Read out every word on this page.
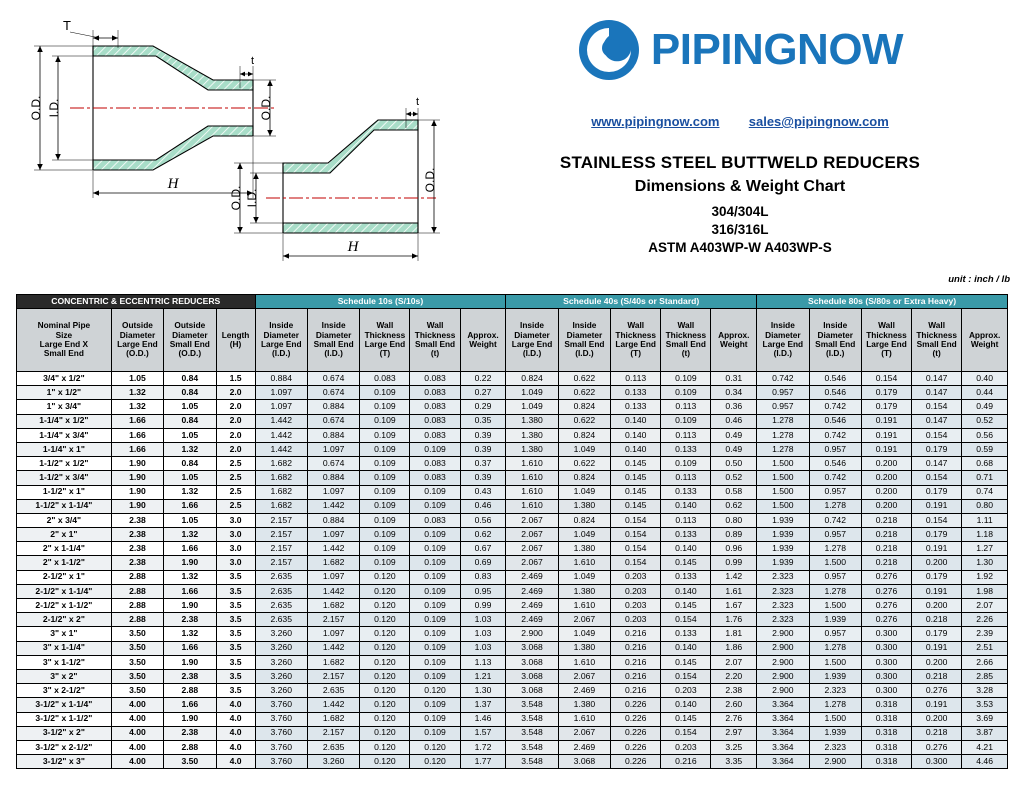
O.D. I.D.
T
t
O.D.
H
O.D. I.D.
t
O.D.
H
PIPINGNOW
www.pipingnow.com sales@pipingnow.com
STAINLESS STEEL BUTTWELD REDUCERS
Dimensions & Weight Chart
304/304L
316/316L
ASTM A403WP-W A403WP-S
unit : inch / lb
CONCENTRIC & ECCENTRIC REDUCERS				Schedule 10s (S/10s)					Schedule 40s (S/40s or Standard)					Schedule 80s (S/80s or Extra Heavy)				

Nominal Pipe
Size
Large End X
Small End	Outside
Diameter
Large End
(O.D.)	Outside
Diameter
Small End
(O.D.)	Length
(H)	Inside
Diameter
Large End
(I.D.)	Inside
Diameter
Small End
(I.D.)	Wall
Thickness
Large End
(T)	Wall
Thickness
Small End
(t)	Approx.
Weight	Inside
Diameter
Large End
(I.D.)	Inside
Diameter
Small End
(I.D.)	Wall
Thickness
Large End
(T)	Wall
Thickness
Small End
(t)	Approx.
Weight	Inside
Diameter
Large End
(I.D.)	Inside
Diameter
Small End
(I.D.)	Wall
Thickness
Large End
(T)	Wall
Thickness
Small End
(t)	Approx.
Weight

3/4" x 1/2"	1.05	0.84	1.5	0.884	0.674	0.083	0.083	0.22	0.824	0.622	0.113	0.109	0.31	0.742	0.546	0.154	0.147	0.40
1" x 1/2"	1.32	0.84	2.0	1.097	0.674	0.109	0.083	0.27	1.049	0.622	0.133	0.109	0.34	0.957	0.546	0.179	0.147	0.44
1" x 3/4"	1.32	1.05	2.0	1.097	0.884	0.109	0.083	0.29	1.049	0.824	0.133	0.113	0.36	0.957	0.742	0.179	0.154	0.49
1-1/4" x 1/2"	1.66	0.84	2.0	1.442	0.674	0.109	0.083	0.35	1.380	0.622	0.140	0.109	0.46	1.278	0.546	0.191	0.147	0.52
1-1/4" x 3/4"	1.66	1.05	2.0	1.442	0.884	0.109	0.083	0.39	1.380	0.824	0.140	0.113	0.49	1.278	0.742	0.191	0.154	0.56
1-1/4" x 1"	1.66	1.32	2.0	1.442	1.097	0.109	0.109	0.39	1.380	1.049	0.140	0.133	0.49	1.278	0.957	0.191	0.179	0.59
1-1/2" x 1/2"	1.90	0.84	2.5	1.682	0.674	0.109	0.083	0.37	1.610	0.622	0.145	0.109	0.50	1.500	0.546	0.200	0.147	0.68
1-1/2" x 3/4"	1.90	1.05	2.5	1.682	0.884	0.109	0.083	0.39	1.610	0.824	0.145	0.113	0.52	1.500	0.742	0.200	0.154	0.71
1-1/2" x 1"	1.90	1.32	2.5	1.682	1.097	0.109	0.109	0.43	1.610	1.049	0.145	0.133	0.58	1.500	0.957	0.200	0.179	0.74
1-1/2" x 1-1/4"	1.90	1.66	2.5	1.682	1.442	0.109	0.109	0.46	1.610	1.380	0.145	0.140	0.62	1.500	1.278	0.200	0.191	0.80
2" x 3/4"	2.38	1.05	3.0	2.157	0.884	0.109	0.083	0.56	2.067	0.824	0.154	0.113	0.80	1.939	0.742	0.218	0.154	1.11
2" x 1"	2.38	1.32	3.0	2.157	1.097	0.109	0.109	0.62	2.067	1.049	0.154	0.133	0.89	1.939	0.957	0.218	0.179	1.18
2" x 1-1/4"	2.38	1.66	3.0	2.157	1.442	0.109	0.109	0.67	2.067	1.380	0.154	0.140	0.96	1.939	1.278	0.218	0.191	1.27
2" x 1-1/2"	2.38	1.90	3.0	2.157	1.682	0.109	0.109	0.69	2.067	1.610	0.154	0.145	0.99	1.939	1.500	0.218	0.200	1.30
2-1/2" x 1"	2.88	1.32	3.5	2.635	1.097	0.120	0.109	0.83	2.469	1.049	0.203	0.133	1.42	2.323	0.957	0.276	0.179	1.92
2-1/2" x 1-1/4"	2.88	1.66	3.5	2.635	1.442	0.120	0.109	0.95	2.469	1.380	0.203	0.140	1.61	2.323	1.278	0.276	0.191	1.98
2-1/2" x 1-1/2"	2.88	1.90	3.5	2.635	1.682	0.120	0.109	0.99	2.469	1.610	0.203	0.145	1.67	2.323	1.500	0.276	0.200	2.07
2-1/2" x 2"	2.88	2.38	3.5	2.635	2.157	0.120	0.109	1.03	2.469	2.067	0.203	0.154	1.76	2.323	1.939	0.276	0.218	2.26
3" x 1"	3.50	1.32	3.5	3.260	1.097	0.120	0.109	1.03	2.900	1.049	0.216	0.133	1.81	2.900	0.957	0.300	0.179	2.39
3" x 1-1/4"	3.50	1.66	3.5	3.260	1.442	0.120	0.109	1.03	3.068	1.380	0.216	0.140	1.86	2.900	1.278	0.300	0.191	2.51
3" x 1-1/2"	3.50	1.90	3.5	3.260	1.682	0.120	0.109	1.13	3.068	1.610	0.216	0.145	2.07	2.900	1.500	0.300	0.200	2.66
3" x 2"	3.50	2.38	3.5	3.260	2.157	0.120	0.109	1.21	3.068	2.067	0.216	0.154	2.20	2.900	1.939	0.300	0.218	2.85
3" x 2-1/2"	3.50	2.88	3.5	3.260	2.635	0.120	0.120	1.30	3.068	2.469	0.216	0.203	2.38	2.900	2.323	0.300	0.276	3.28
3-1/2" x 1-1/4"	4.00	1.66	4.0	3.760	1.442	0.120	0.109	1.37	3.548	1.380	0.226	0.140	2.60	3.364	1.278	0.318	0.191	3.53
3-1/2" x 1-1/2"	4.00	1.90	4.0	3.760	1.682	0.120	0.109	1.46	3.548	1.610	0.226	0.145	2.76	3.364	1.500	0.318	0.200	3.69
3-1/2" x 2"	4.00	2.38	4.0	3.760	2.157	0.120	0.109	1.57	3.548	2.067	0.226	0.154	2.97	3.364	1.939	0.318	0.218	3.87
3-1/2" x 2-1/2"	4.00	2.88	4.0	3.760	2.635	0.120	0.120	1.72	3.548	2.469	0.226	0.203	3.25	3.364	2.323	0.318	0.276	4.21
3-1/2" x 3"	4.00	3.50	4.0	3.760	3.260	0.120	0.120	1.77	3.548	3.068	0.226	0.216	3.35	3.364	2.900	0.318	0.300	4.46
